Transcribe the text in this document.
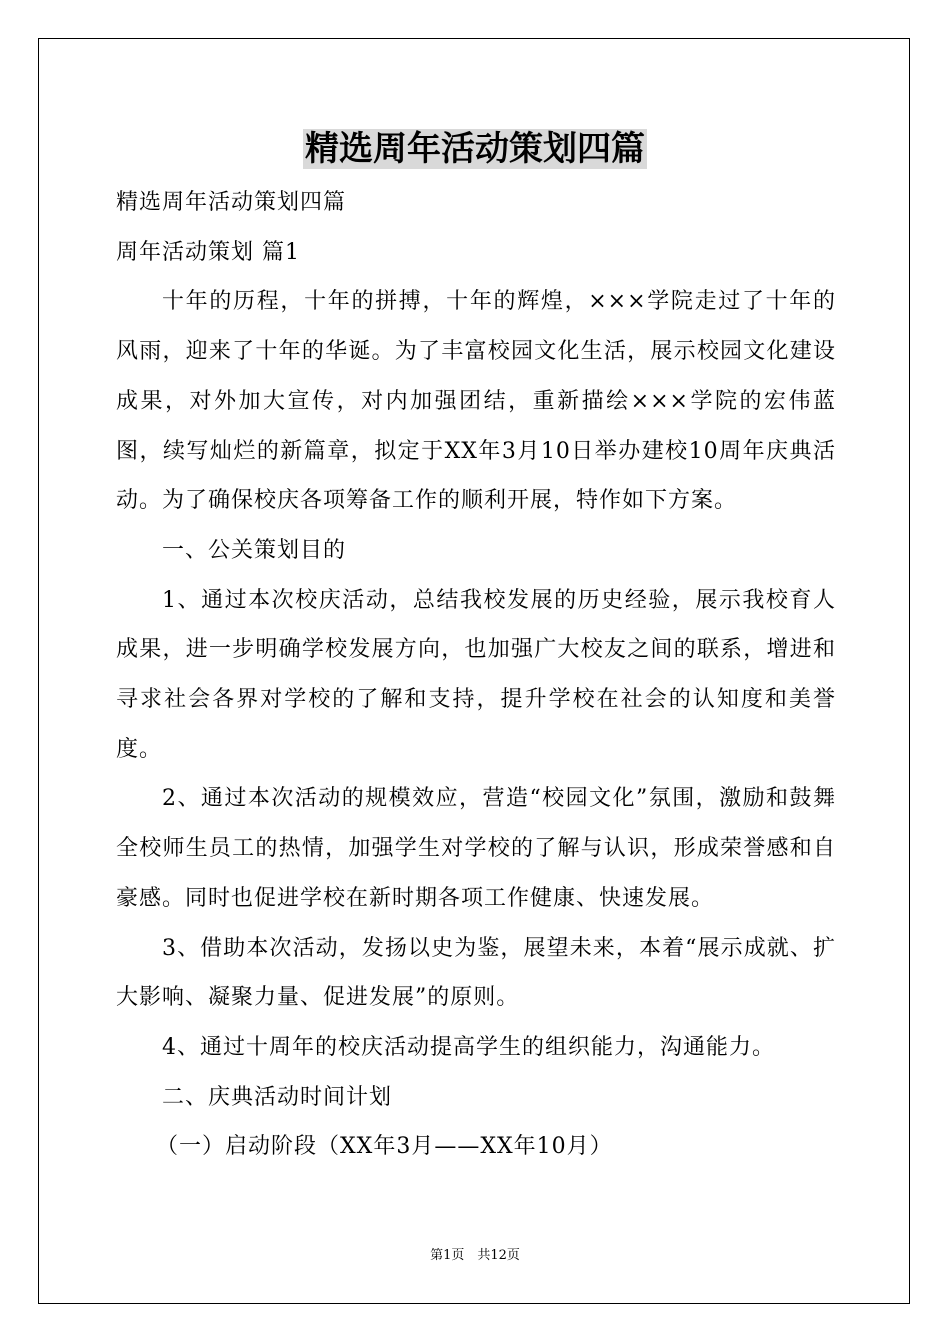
精选周年活动策划四篇

精选周年活动策划四篇

周年活动策划 篇1

十年的历程，十年的拼搏，十年的辉煌，×××学院走过了十年的风雨，迎来了十年的华诞。为了丰富校园文化生活，展示校园文化建设成果，对外加大宣传，对内加强团结，重新描绘×××学院的宏伟蓝图，续写灿烂的新篇章，拟定于XX年3月10日举办建校10周年庆典活动。为了确保校庆各项筹备工作的顺利开展，特作如下方案。

一、公关策划目的

1、通过本次校庆活动，总结我校发展的历史经验，展示我校育人成果，进一步明确学校发展方向，也加强广大校友之间的联系，增进和寻求社会各界对学校的了解和支持，提升学校在社会的认知度和美誉度。

2、通过本次活动的规模效应，营造“校园文化”氛围，激励和鼓舞全校师生员工的热情，加强学生对学校的了解与认识，形成荣誉感和自豪感。同时也促进学校在新时期各项工作健康、快速发展。

3、借助本次活动，发扬以史为鉴，展望未来，本着“展示成就、扩大影响、凝聚力量、促进发展”的原则。

4、通过十周年的校庆活动提高学生的组织能力，沟通能力。

二、庆典活动时间计划

（一）启动阶段（XX年3月——XX年10月）

第1页　共12页
